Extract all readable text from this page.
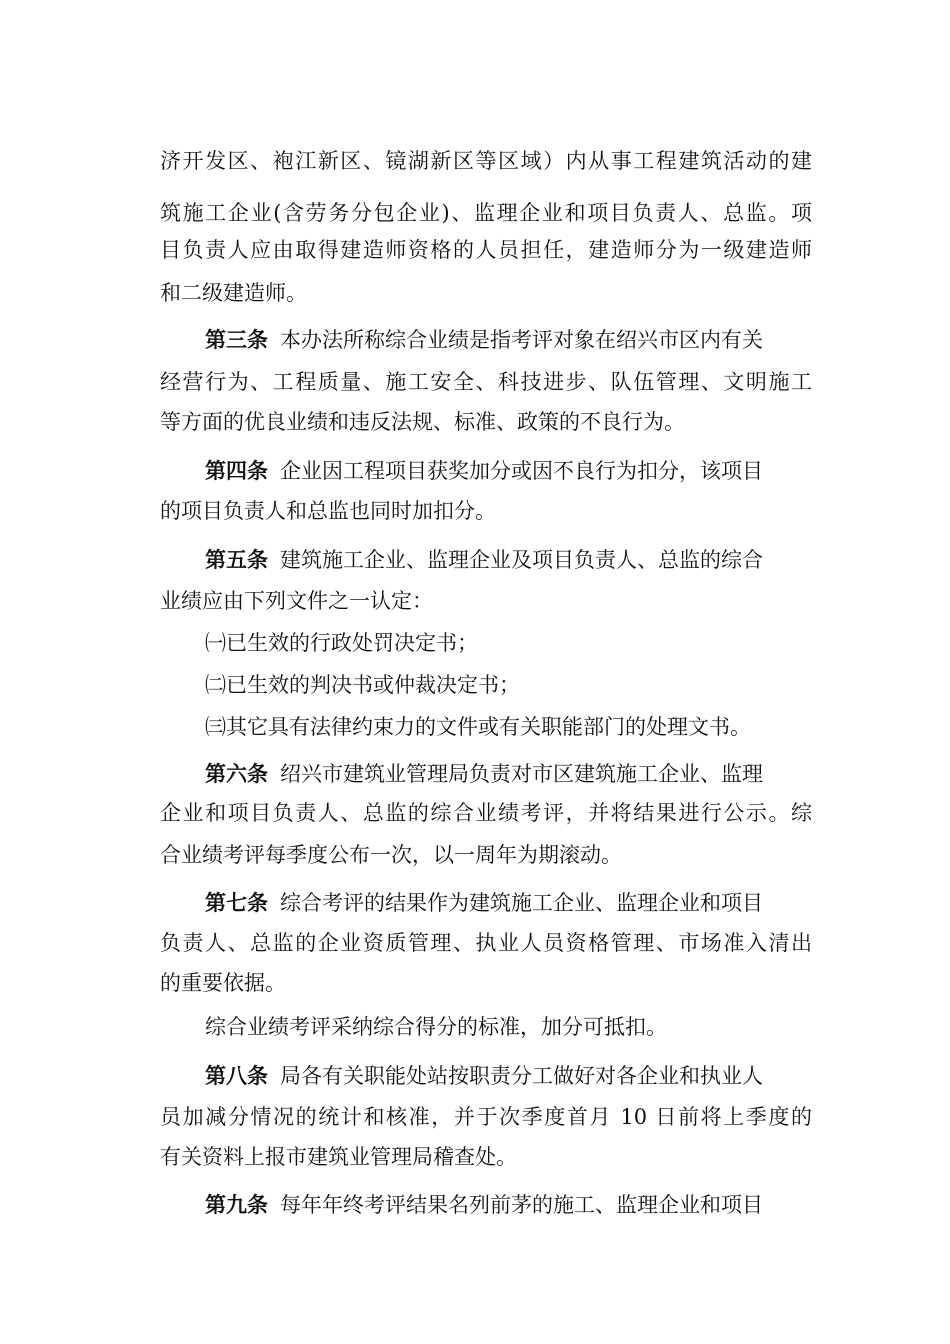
济开发区、袍江新区、镜湖新区等区域）内从事工程建筑活动的建
筑施工企业(含劳务分包企业)、监理企业和项目负责人、总监。项
目负责人应由取得建造师资格的人员担任，建造师分为一级建造师
和二级建造师。
第三条 本办法所称综合业绩是指考评对象在绍兴市区内有关
经营行为、工程质量、施工安全、科技进步、队伍管理、文明施工
等方面的优良业绩和违反法规、标准、政策的不良行为。
第四条 企业因工程项目获奖加分或因不良行为扣分，该项目
的项目负责人和总监也同时加扣分。
第五条 建筑施工企业、监理企业及项目负责人、总监的综合
业绩应由下列文件之一认定：
㈠已生效的行政处罚决定书；
㈡已生效的判决书或仲裁决定书；
㈢其它具有法律约束力的文件或有关职能部门的处理文书。
第六条 绍兴市建筑业管理局负责对市区建筑施工企业、监理
企业和项目负责人、总监的综合业绩考评，并将结果进行公示。综
合业绩考评每季度公布一次，以一周年为期滚动。
第七条 综合考评的结果作为建筑施工企业、监理企业和项目
负责人、总监的企业资质管理、执业人员资格管理、市场准入清出
的重要依据。
综合业绩考评采纳综合得分的标准，加分可抵扣。
第八条 局各有关职能处站按职责分工做好对各企业和执业人
员加减分情况的统计和核准，并于次季度首月 10 日前将上季度的
有关资料上报市建筑业管理局稽查处。
第九条 每年年终考评结果名列前茅的施工、监理企业和项目
